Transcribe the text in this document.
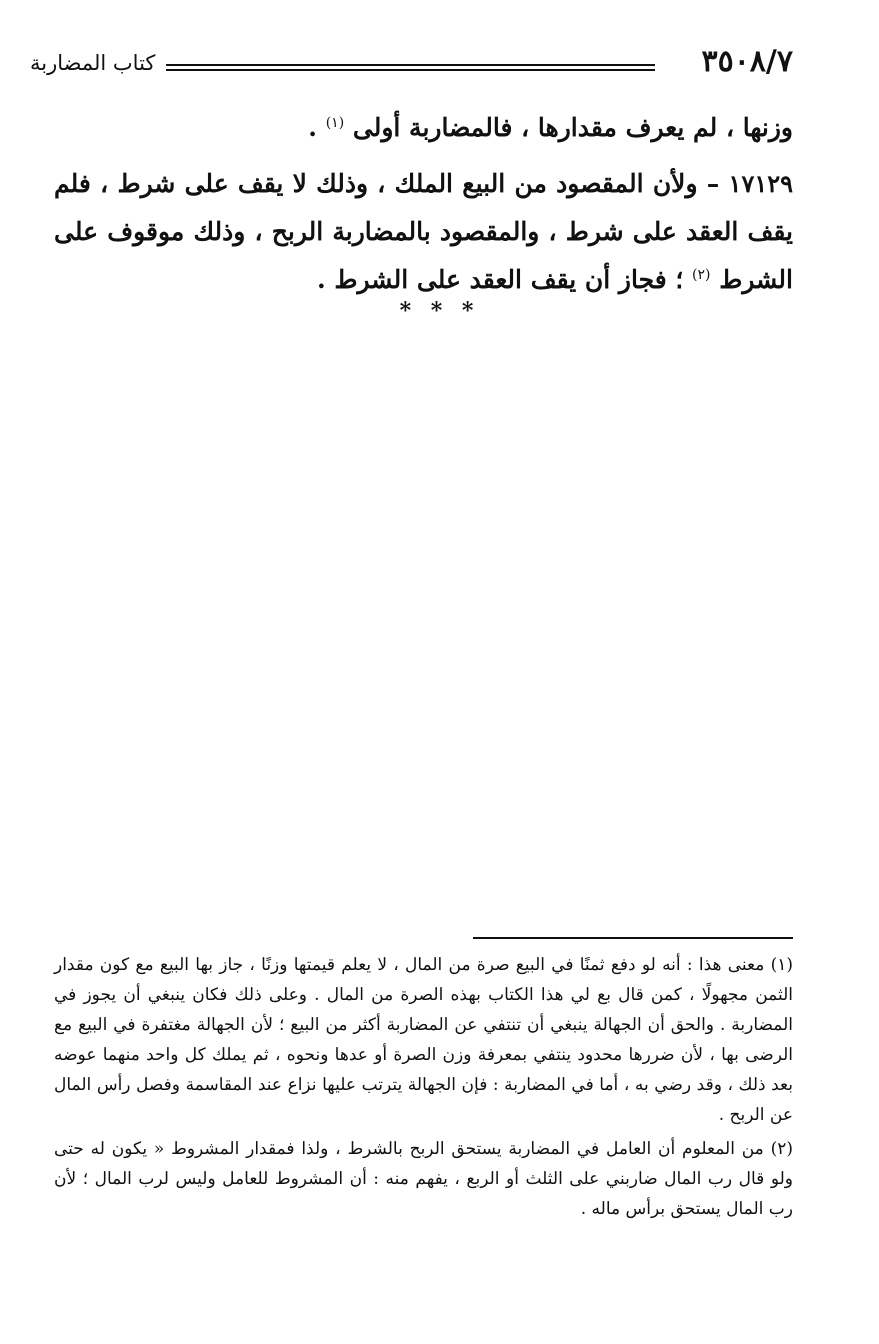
٣٥٠٨/٧
كتاب المضاربة

وزنها ، لم يعرف مقدارها ، فالمضاربة أولى $^{(١)}$ .

١٧١٢٩ – ولأن المقصود من البيع الملك ، وذلك لا يقف على شرط ، فلم يقف العقد على شرط ، والمقصود بالمضاربة الربح ، وذلك موقوف على الشرط $^{(٢)}$ ؛ فجاز أن يقف العقد على الشرط .

* * *

(١) معنى هذا : أنه لو دفع ثمنًا في البيع صرة من المال ، لا يعلم قيمتها وزنًا ، جاز بها البيع مع كون مقدار الثمن مجهولًا ، كمن قال بع لي هذا الكتاب بهذه الصرة من المال . وعلى ذلك فكان ينبغي أن يجوز في المضاربة . والحق أن الجهالة ينبغي أن تنتفي عن المضاربة أكثر من البيع ؛ لأن الجهالة مغتفرة في البيع مع الرضى بها ، لأن ضررها محدود ينتفي بمعرفة وزن الصرة أو عدها ونحوه ، ثم يملك كل واحد منهما عوضه بعد ذلك ، وقد رضي به ، أما في المضاربة : فإن الجهالة يترتب عليها نزاع عند المقاسمة وفصل رأس المال عن الربح .

(٢) من المعلوم أن العامل في المضاربة يستحق الربح بالشرط ، ولذا فمقدار المشروط « يكون له حتى ولو قال رب المال ضاربني على الثلث أو الربع ، يفهم منه : أن المشروط للعامل وليس لرب المال ؛ لأن رب المال يستحق برأس ماله .
